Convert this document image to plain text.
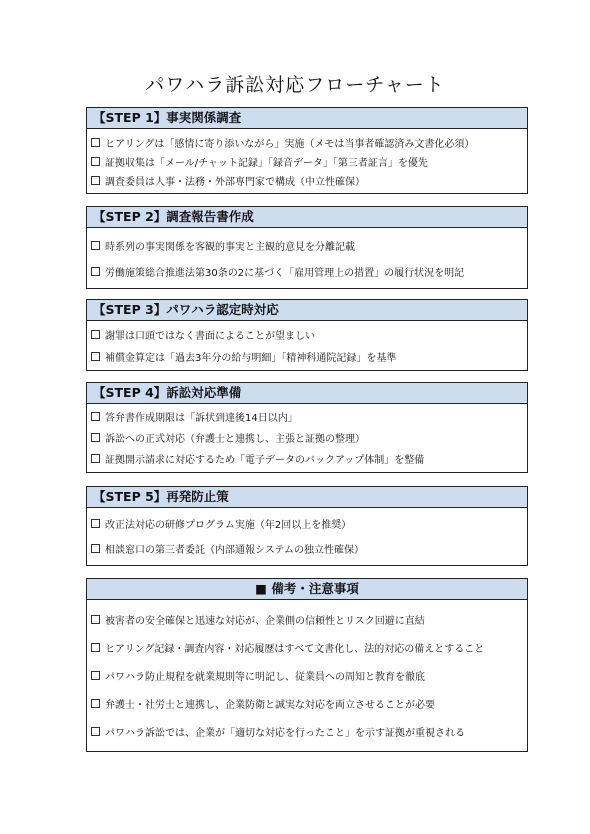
パワハラ訴訟対応フローチャート
【STEP 1】事実関係調査
ヒアリングは「感情に寄り添いながら」実施（メモは当事者確認済み文書化必須）
証拠収集は「メール/チャット記録」「録音データ」「第三者証言」を優先
調査委員は人事・法務・外部専門家で構成（中立性確保）
【STEP 2】調査報告書作成
時系列の事実関係を客観的事実と主観的意見を分離記載
労働施策総合推進法第30条の2に基づく「雇用管理上の措置」の履行状況を明記
【STEP 3】パワハラ認定時対応
謝罪は口頭ではなく書面によることが望ましい
補償金算定は「過去3年分の給与明細」「精神科通院記録」を基準
【STEP 4】訴訟対応準備
答弁書作成期限は「訴状到達後14日以内」
訴訟への正式対応（弁護士と連携し、主張と証拠の整理）
証拠開示請求に対応するため「電子データのバックアップ体制」を整備
【STEP 5】再発防止策
改正法対応の研修プログラム実施（年2回以上を推奨）
相談窓口の第三者委託（内部通報システムの独立性確保）
■ 備考・注意事項
被害者の安全確保と迅速な対応が、企業側の信頼性とリスク回避に直結
ヒアリング記録・調査内容・対応履歴はすべて文書化し、法的対応の備えとすること
パワハラ防止規程を就業規則等に明記し、従業員への周知と教育を徹底
弁護士・社労士と連携し、企業防衛と誠実な対応を両立させることが必要
パワハラ訴訟では、企業が「適切な対応を行ったこと」を示す証拠が重視される
